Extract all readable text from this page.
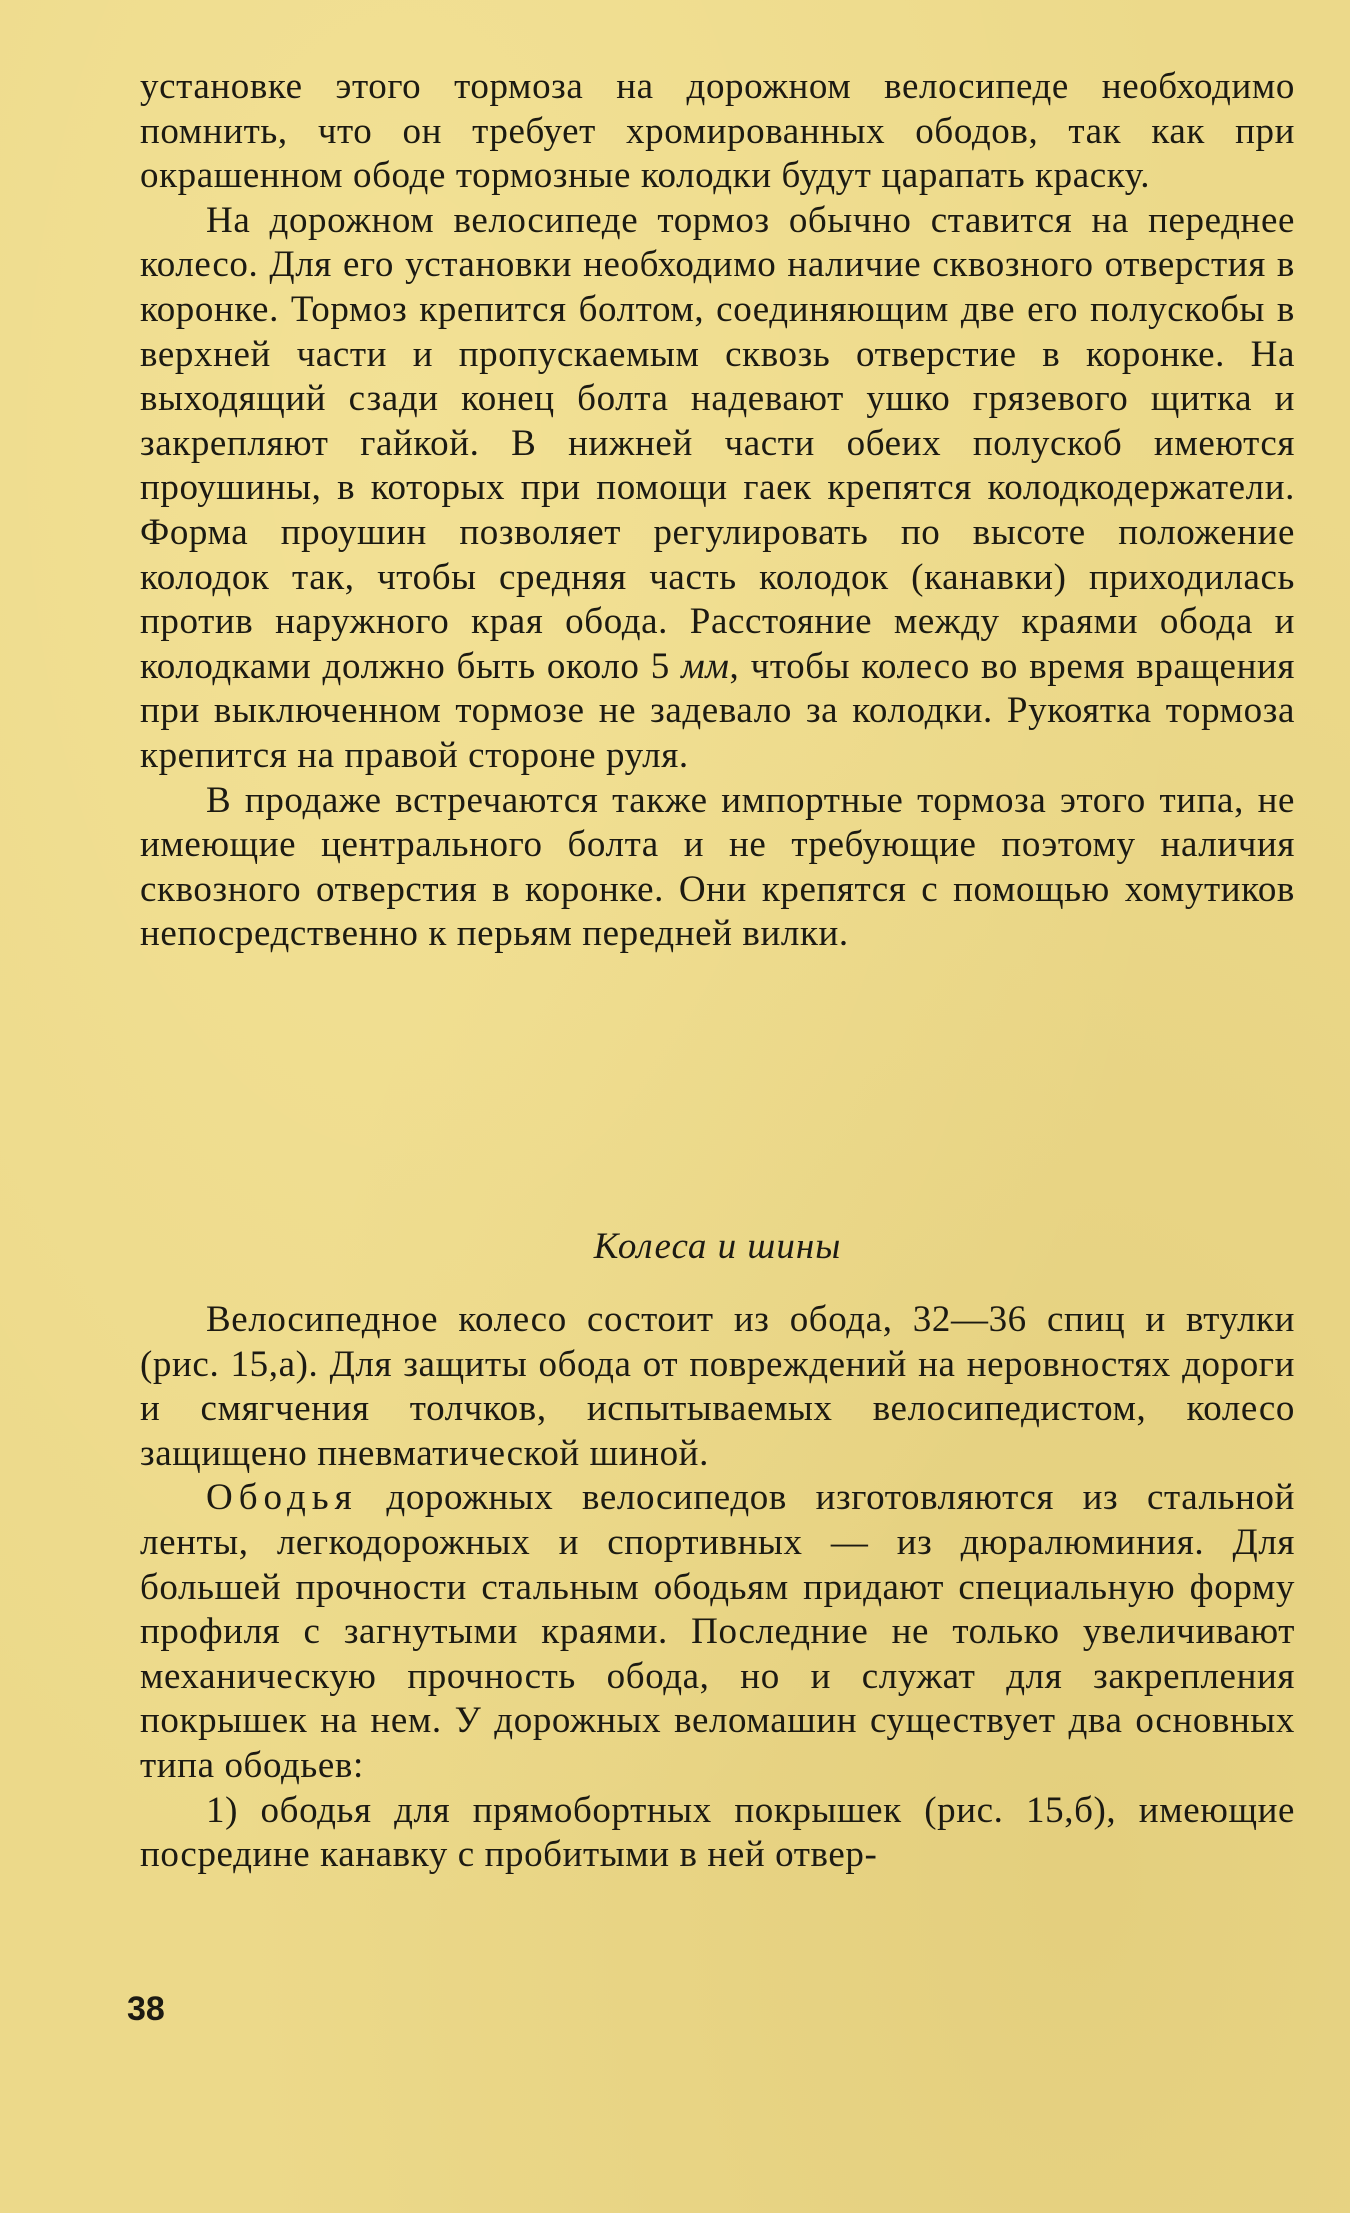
установке этого тормоза на дорожном велосипеде необходимо помнить, что он требует хромированных ободов, так как при окрашенном ободе тормозные колодки будут царапать краску.

На дорожном велосипеде тормоз обычно ставится на переднее колесо. Для его установки необходимо наличие сквозного отверстия в коронке. Тормоз крепится болтом, соединяющим две его полускобы в верхней части и пропускаемым сквозь отверстие в коронке. На выходящий сзади конец болта надевают ушко грязевого щитка и закрепляют гайкой. В нижней части обеих полускоб имеются проушины, в которых при помощи гаек крепятся колодкодержатели. Форма проушин позволяет регулировать по высоте положение колодок так, чтобы средняя часть колодок (канавки) приходилась против наружного края обода. Расстояние между краями обода и колодками должно быть около 5 мм, чтобы колесо во время вращения при выключенном тормозе не задевало за колодки. Рукоятка тормоза крепится на правой стороне руля.

В продаже встречаются также импортные тормоза этого типа, не имеющие центрального болта и не требующие поэтому наличия сквозного отверстия в коронке. Они крепятся с помощью хомутиков непосредственно к перьям передней вилки.

Колеса и шины

Велосипедное колесо состоит из обода, 32—36 спиц и втулки (рис. 15,а). Для защиты обода от повреждений на неровностях дороги и смягчения толчков, испытываемых велосипедистом, колесо защищено пневматической шиной.

Ободья дорожных велосипедов изготовляются из стальной ленты, легкодорожных и спортивных — из дюралюминия. Для большей прочности стальным ободьям придают специальную форму профиля с загнутыми краями. Последние не только увеличивают механическую прочность обода, но и служат для закрепления покрышек на нем. У дорожных веломашин существует два основных типа ободьев:

1) ободья для прямобортных покрышек (рис. 15,б), имеющие посредине канавку с пробитыми в ней отвер-

38
